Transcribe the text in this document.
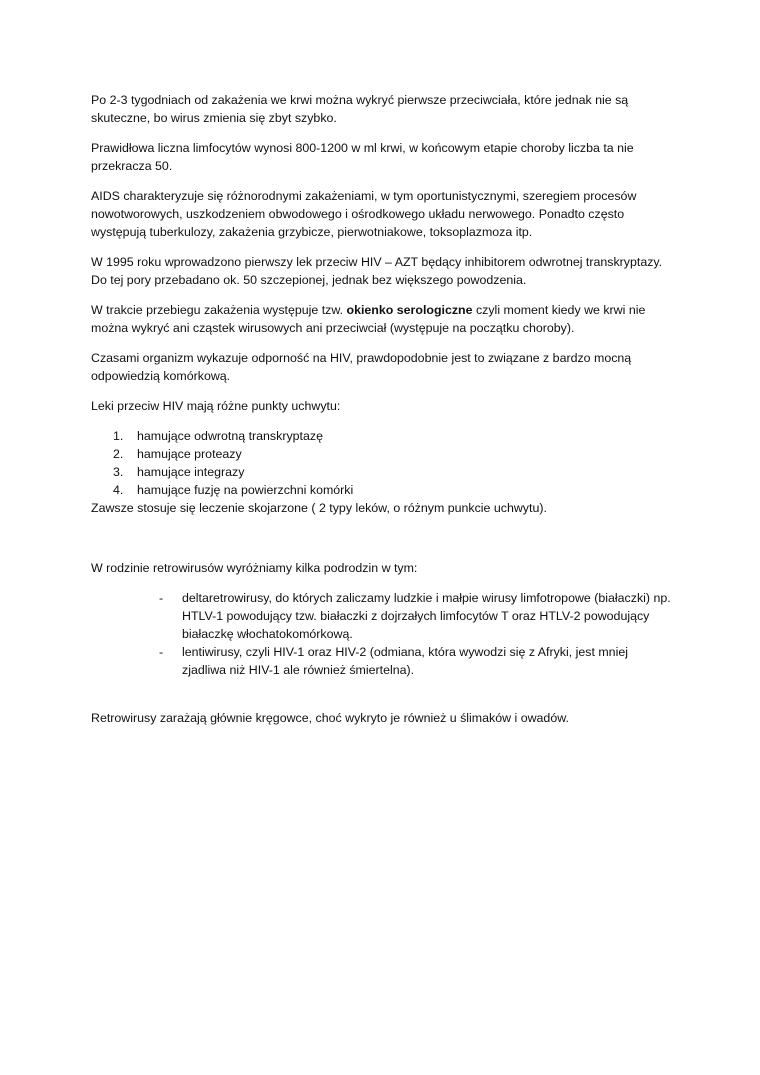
Po 2-3 tygodniach od zakażenia we krwi można wykryć pierwsze przeciwciała, które jednak nie są skuteczne, bo wirus zmienia się zbyt szybko.

Prawidłowa liczna limfocytów wynosi 800-1200 w ml krwi, w końcowym etapie choroby liczba ta nie przekracza 50.

AIDS charakteryzuje się różnorodnymi zakażeniami, w tym oportunistycznymi, szeregiem procesów nowotworowych, uszkodzeniem obwodowego i ośrodkowego układu nerwowego. Ponadto często występują tuberkulozy, zakażenia grzybicze, pierwotniakowe, toksoplazmoza itp.

W 1995 roku wprowadzono pierwszy lek przeciw HIV – AZT będący inhibitorem odwrotnej transkryptazy. Do tej pory przebadano ok. 50 szczepionej, jednak bez większego powodzenia.

W trakcie przebiegu zakażenia występuje tzw. okienko serologiczne czyli moment kiedy we krwi nie można wykryć ani cząstek wirusowych ani przeciwciał (występuje na początku choroby).

Czasami organizm wykazuje odporność na HIV, prawdopodobnie jest to związane z bardzo mocną odpowiedzią komórkową.

Leki przeciw HIV mają różne punkty uchwytu:

1. hamujące odwrotną transkryptazę
2. hamujące proteazy
3. hamujące integrazy
4. hamujące fuzję na powierzchni komórki

Zawsze stosuje się leczenie skojarzone ( 2 typy leków, o różnym punkcie uchwytu).

W rodzinie retrowirusów wyróżniamy kilka podrodzin w tym:

- deltaretrowirusy, do których zaliczamy ludzkie i małpie wirusy limfotropowe (białaczki) np. HTLV-1 powodujący tzw. białaczki z dojrzałych limfocytów T oraz HTLV-2 powodujący białaczkę włochatokomórkową.
- lentiwirusy, czyli HIV-1 oraz HIV-2 (odmiana, która wywodzi się z Afryki, jest mniej zjadliwa niż HIV-1 ale również śmiertelna).

Retrowirusy zarażają głównie kręgowce, choć wykryto je również u ślimaków i owadów.
